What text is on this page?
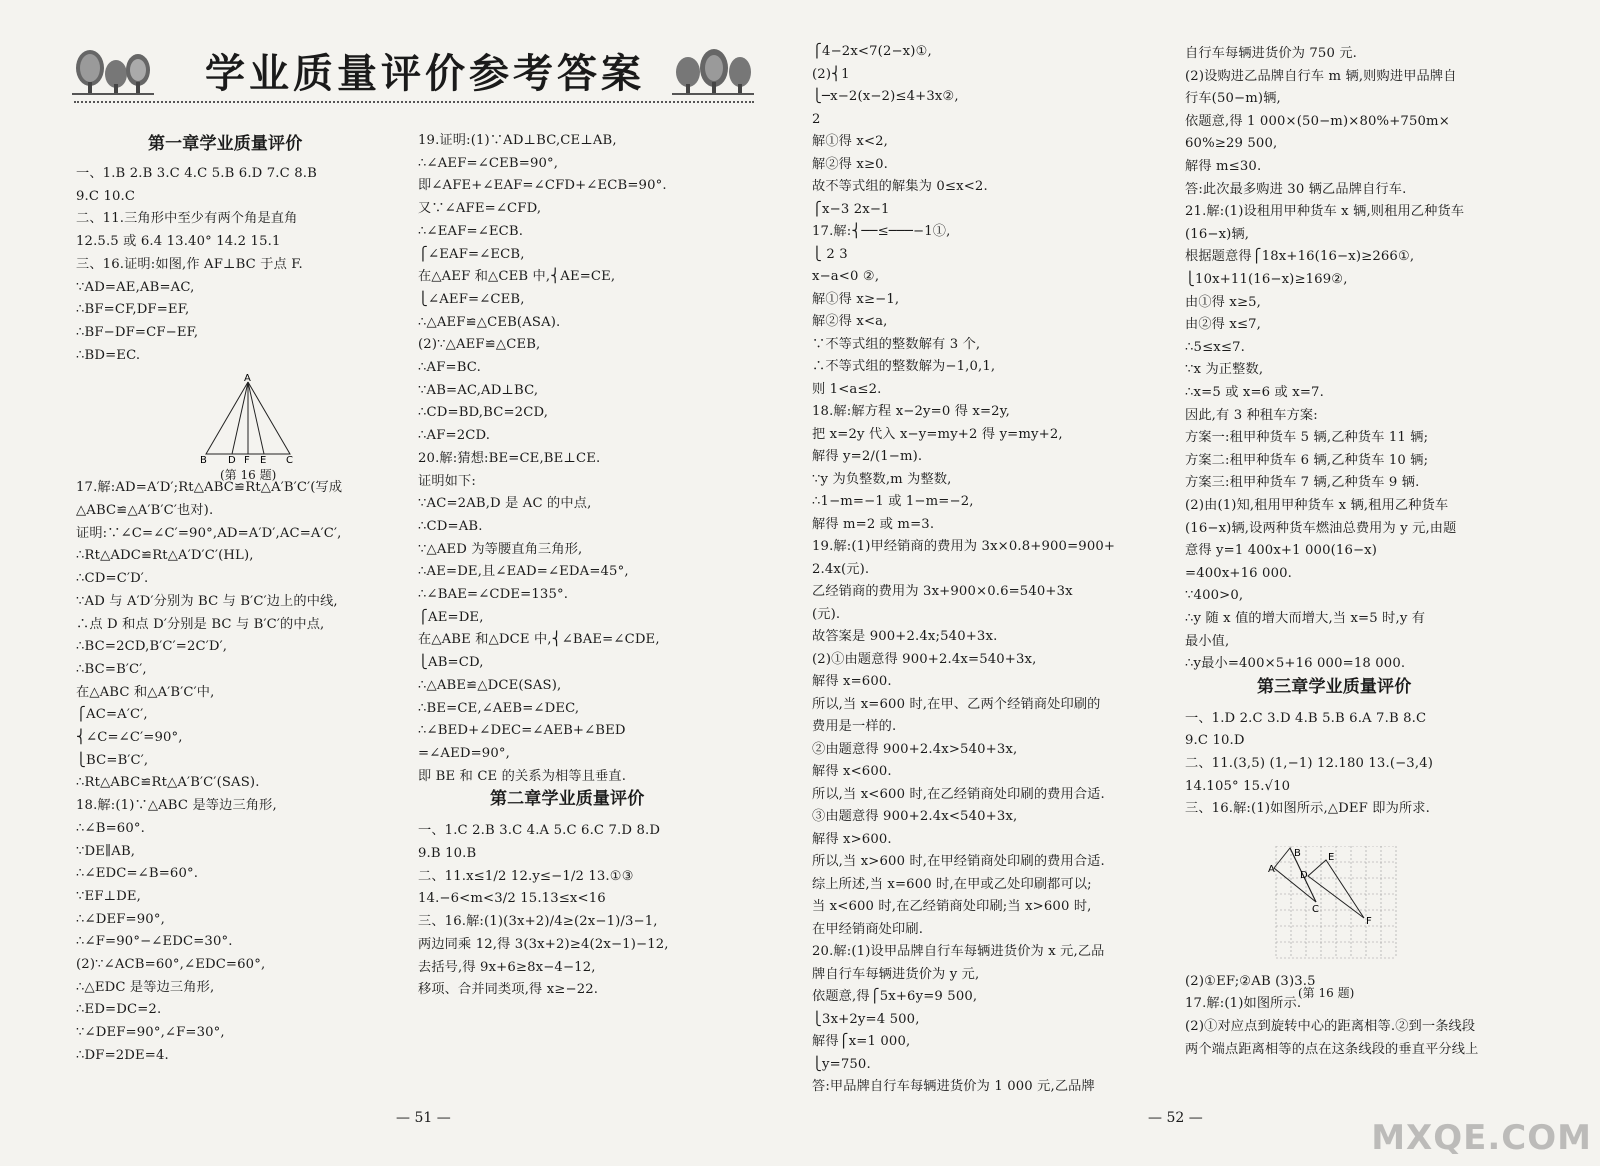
学业质量评价参考答案
第一章学业质量评价
一、1.B 2.B 3.C 4.C 5.B 6.D 7.C 8.B
9.C 10.C
二、11.三角形中至少有两个角是直角
12.5.5 或 6.4 13.40° 14.2 15.1
三、16.证明:如图,作 AF⊥BC 于点 F.
∵AD=AE,AB=AC,
∴BF=CF,DF=EF,
∴BF−DF=CF−EF,
∴BD=EC.
17.解:AD=A′D′;Rt△ABC≌Rt△A′B′C′(写成
△ABC≌△A′B′C′也对).
证明:∵∠C=∠C′=90°,AD=A′D′,AC=A′C′,
∴Rt△ADC≌Rt△A′D′C′(HL),
∴CD=C′D′.
∵AD 与 A′D′分别为 BC 与 B′C′边上的中线,
∴点 D 和点 D′分别是 BC 与 B′C′的中点,
∴BC=2CD,B′C′=2C′D′,
∴BC=B′C′,
在△ABC 和△A′B′C′中,
⎧AC=A′C′,
⎨∠C=∠C′=90°,
⎩BC=B′C′,
∴Rt△ABC≌Rt△A′B′C′(SAS).
18.解:(1)∵△ABC 是等边三角形,
∴∠B=60°.
∵DE∥AB,
∴∠EDC=∠B=60°.
∵EF⊥DE,
∴∠DEF=90°,
∴∠F=90°−∠EDC=30°.
(2)∵∠ACB=60°,∠EDC=60°,
∴△EDC 是等边三角形,
∴ED=DC=2.
∵∠DEF=90°,∠F=30°,
∴DF=2DE=4.
19.证明:(1)∵AD⊥BC,CE⊥AB,
∴∠AEF=∠CEB=90°,
即∠AFE+∠EAF=∠CFD+∠ECB=90°.
又∵∠AFE=∠CFD,
∴∠EAF=∠ECB.
⎧∠EAF=∠ECB,
在△AEF 和△CEB 中,⎨AE=CE,
⎩∠AEF=∠CEB,
∴△AEF≌△CEB(ASA).
(2)∵△AEF≌△CEB,
∴AF=BC.
∵AB=AC,AD⊥BC,
∴CD=BD,BC=2CD,
∴AF=2CD.
20.解:猜想:BE=CE,BE⊥CE.
证明如下:
∵AC=2AB,D 是 AC 的中点,
∴CD=AB.
∵△AED 为等腰直角三角形,
∴AE=DE,且∠EAD=∠EDA=45°,
∴∠BAE=∠CDE=135°.
⎧AE=DE,
在△ABE 和△DCE 中,⎨∠BAE=∠CDE,
⎩AB=CD,
∴△ABE≌△DCE(SAS),
∴BE=CE,∠AEB=∠DEC,
∴∠BED+∠DEC=∠AEB+∠BED
=∠AED=90°,
即 BE 和 CE 的关系为相等且垂直.
第二章学业质量评价
一、1.C 2.B 3.C 4.A 5.C 6.C 7.D 8.D
9.B 10.B
二、11.x≤1/2 12.y≤−1/2 13.①③
14.−6<m<3/2 15.13≤x<16
三、16.解:(1)(3x+2)/4≥(2x−1)/3−1,
两边同乘 12,得 3(3x+2)≥4(2x−1)−12,
去括号,得 9x+6≥8x−4−12,
移项、合并同类项,得 x≥−22.
⎧4−2x<7(2−x)①,
(2)⎨1
⎩─x−2(x−2)≤4+3x②,
2
解①得 x<2,
解②得 x≥0.
故不等式组的解集为 0≤x<2.
⎧x−3 2x−1
17.解:⎨──≤───−1①,
⎩ 2 3
x−a<0 ②,
解①得 x≥−1,
解②得 x<a,
∵不等式组的整数解有 3 个,
∴不等式组的整数解为−1,0,1,
则 1<a≤2.
18.解:解方程 x−2y=0 得 x=2y,
把 x=2y 代入 x−y=my+2 得 y=my+2,
解得 y=2/(1−m).
∵y 为负整数,m 为整数,
∴1−m=−1 或 1−m=−2,
解得 m=2 或 m=3.
19.解:(1)甲经销商的费用为 3x×0.8+900=900+
2.4x(元).
乙经销商的费用为 3x+900×0.6=540+3x
(元).
故答案是 900+2.4x;540+3x.
(2)①由题意得 900+2.4x=540+3x,
解得 x=600.
所以,当 x=600 时,在甲、乙两个经销商处印刷的
费用是一样的.
②由题意得 900+2.4x>540+3x,
解得 x<600.
所以,当 x<600 时,在乙经销商处印刷的费用合适.
③由题意得 900+2.4x<540+3x,
解得 x>600.
所以,当 x>600 时,在甲经销商处印刷的费用合适.
综上所述,当 x=600 时,在甲或乙处印刷都可以;
当 x<600 时,在乙经销商处印刷;当 x>600 时,
在甲经销商处印刷.
20.解:(1)设甲品牌自行车每辆进货价为 x 元,乙品
牌自行车每辆进货价为 y 元,
依题意,得⎧5x+6y=9 500,
⎩3x+2y=4 500,
解得⎧x=1 000,
⎩y=750.
答:甲品牌自行车每辆进货价为 1 000 元,乙品牌
自行车每辆进货价为 750 元.
(2)设购进乙品牌自行车 m 辆,则购进甲品牌自
行车(50−m)辆,
依题意,得 1 000×(50−m)×80%+750m×
60%≥29 500,
解得 m≤30.
答:此次最多购进 30 辆乙品牌自行车.
21.解:(1)设租用甲种货车 x 辆,则租用乙种货车
(16−x)辆,
根据题意得⎧18x+16(16−x)≥266①,
⎩10x+11(16−x)≥169②,
由①得 x≥5,
由②得 x≤7,
∴5≤x≤7.
∵x 为正整数,
∴x=5 或 x=6 或 x=7.
因此,有 3 种租车方案:
方案一:租甲种货车 5 辆,乙种货车 11 辆;
方案二:租甲种货车 6 辆,乙种货车 10 辆;
方案三:租甲种货车 7 辆,乙种货车 9 辆.
(2)由(1)知,租用甲种货车 x 辆,租用乙种货车
(16−x)辆,设两种货车燃油总费用为 y 元,由题
意得 y=1 400x+1 000(16−x)
=400x+16 000.
∵400>0,
∴y 随 x 值的增大而增大,当 x=5 时,y 有
最小值,
∴y最小=400×5+16 000=18 000.
第三章学业质量评价
一、1.D 2.C 3.D 4.B 5.B 6.A 7.B 8.C
9.C 10.D
二、11.(3,5) (1,−1) 12.180 13.(−3,4)
14.105° 15.√10
三、16.解:(1)如图所示,△DEF 即为所求.
(2)①EF;②AB (3)3.5
17.解:(1)如图所示.
(2)①对应点到旋转中心的距离相等.②到一条线段
两个端点距离相等的点在这条线段的垂直平分线上
A
B D F E C
(第 16 题)
B
A
E
D
C
F
(第 16 题)
— 51 —	— 52 —	MXQE.COM
